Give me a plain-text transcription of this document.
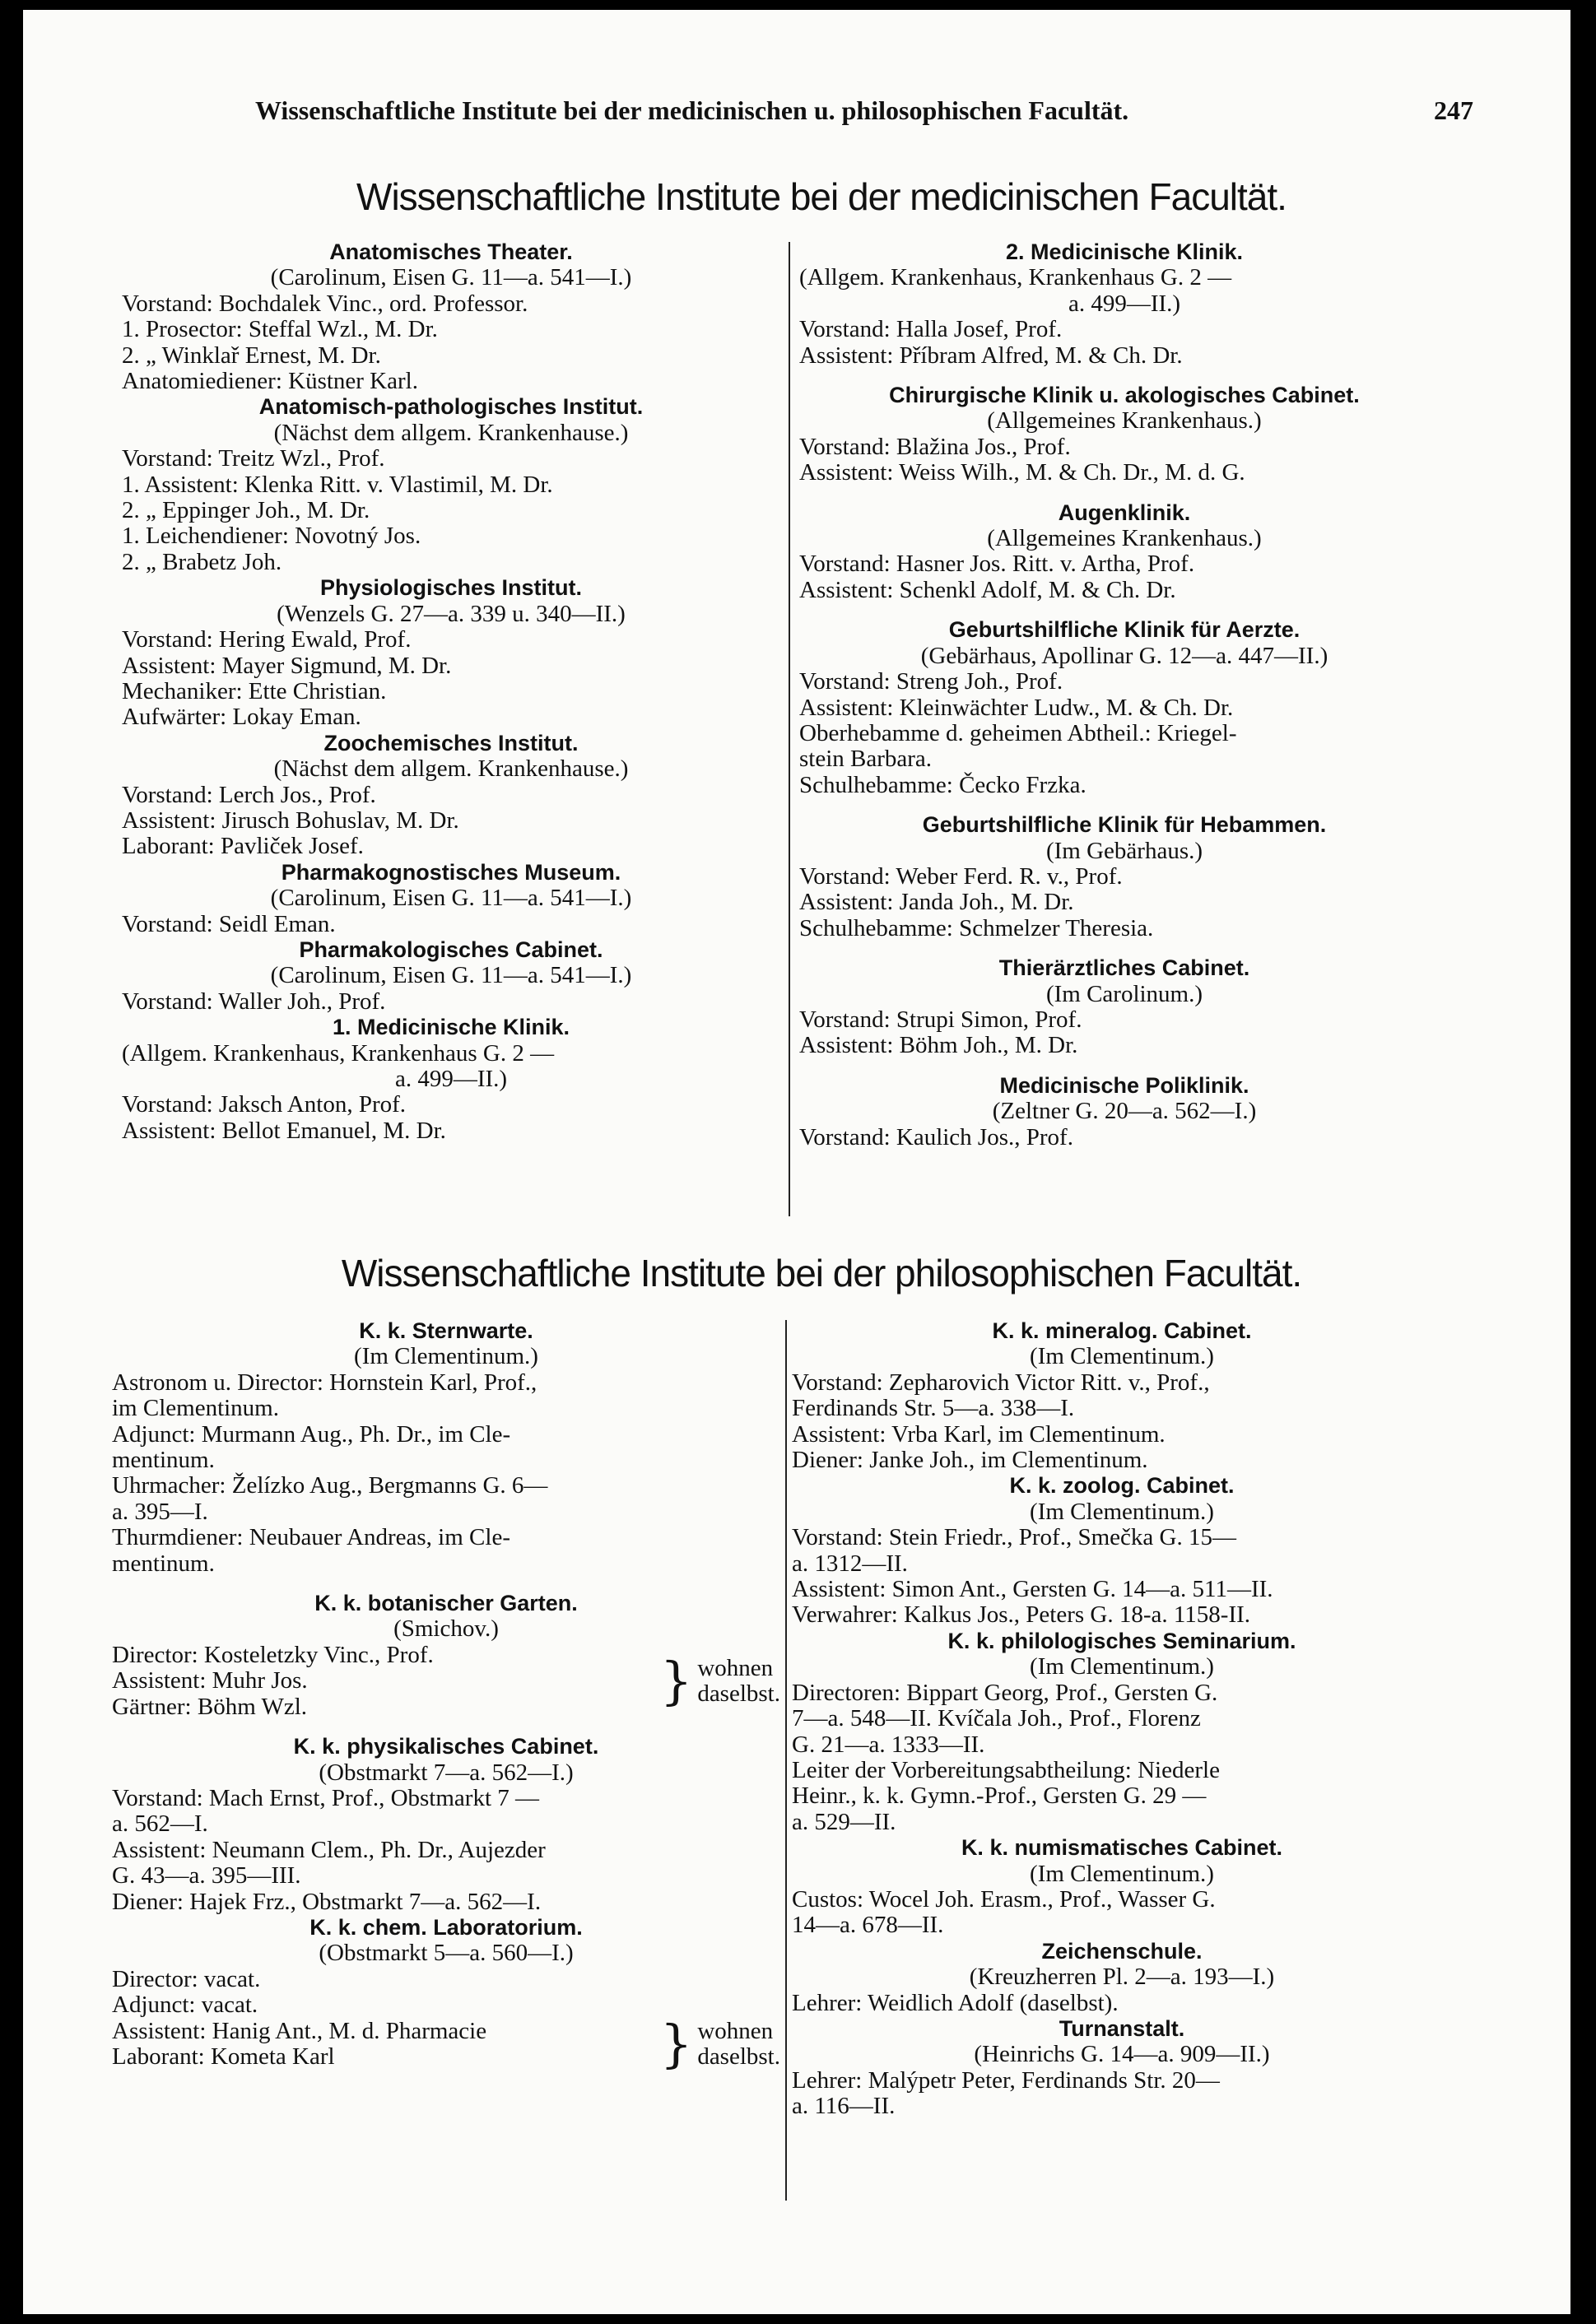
Wissenschaftliche Institute bei der medicinischen u. philosophischen Facultät.	247
Wissenschaftliche Institute bei der medicinischen Facultät.
Anatomisches Theater.
(Carolinum, Eisen G. 11—a. 541—I.)
Vorstand: Bochdalek Vinc., ord. Professor.
1. Prosector: Steffal Wzl., M. Dr.
2. „ Winklař Ernest, M. Dr.
Anatomiediener: Küstner Karl.
Anatomisch-pathologisches Institut.
(Nächst dem allgem. Krankenhause.)
Vorstand: Treitz Wzl., Prof.
1. Assistent: Klenka Ritt. v. Vlastimil, M. Dr.
2. „ Eppinger Joh., M. Dr.
1. Leichendiener: Novotný Jos.
2. „ Brabetz Joh.
Physiologisches Institut.
(Wenzels G. 27—a. 339 u. 340—II.)
Vorstand: Hering Ewald, Prof.
Assistent: Mayer Sigmund, M. Dr.
Mechaniker: Ette Christian.
Aufwärter: Lokay Eman.
Zoochemisches Institut.
(Nächst dem allgem. Krankenhause.)
Vorstand: Lerch Jos., Prof.
Assistent: Jirusch Bohuslav, M. Dr.
Laborant: Pavliček Josef.
Pharmakognostisches Museum.
(Carolinum, Eisen G. 11—a. 541—I.)
Vorstand: Seidl Eman.
Pharmakologisches Cabinet.
(Carolinum, Eisen G. 11—a. 541—I.)
Vorstand: Waller Joh., Prof.
1. Medicinische Klinik.
(Allgem. Krankenhaus, Krankenhaus G. 2 —
a. 499—II.)
Vorstand: Jaksch Anton, Prof.
Assistent: Bellot Emanuel, M. Dr.
2. Medicinische Klinik.
(Allgem. Krankenhaus, Krankenhaus G. 2 —
a. 499—II.)
Vorstand: Halla Josef, Prof.
Assistent: Příbram Alfred, M. & Ch. Dr.
Chirurgische Klinik u. akologisches Cabinet.
(Allgemeines Krankenhaus.)
Vorstand: Blažina Jos., Prof.
Assistent: Weiss Wilh., M. & Ch. Dr., M. d. G.
Augenklinik.
(Allgemeines Krankenhaus.)
Vorstand: Hasner Jos. Ritt. v. Artha, Prof.
Assistent: Schenkl Adolf, M. & Ch. Dr.
Geburtshilfliche Klinik für Aerzte.
(Gebärhaus, Apollinar G. 12—a. 447—II.)
Vorstand: Streng Joh., Prof.
Assistent: Kleinwächter Ludw., M. & Ch. Dr.
Oberhebamme d. geheimen Abtheil.: Kriegel-
stein Barbara.
Schulhebamme: Čecko Frzka.
Geburtshilfliche Klinik für Hebammen.
(Im Gebärhaus.)
Vorstand: Weber Ferd. R. v., Prof.
Assistent: Janda Joh., M. Dr.
Schulhebamme: Schmelzer Theresia.
Thierärztliches Cabinet.
(Im Carolinum.)
Vorstand: Strupi Simon, Prof.
Assistent: Böhm Joh., M. Dr.
Medicinische Poliklinik.
(Zeltner G. 20—a. 562—I.)
Vorstand: Kaulich Jos., Prof.
Wissenschaftliche Institute bei der philosophischen Facultät.
K. k. Sternwarte.
(Im Clementinum.)
Astronom u. Director: Hornstein Karl, Prof.,
im Clementinum.
Adjunct: Murmann Aug., Ph. Dr., im Cle-
mentinum.
Uhrmacher: Želízko Aug., Bergmanns G. 6—
a. 395—I.
Thurmdiener: Neubauer Andreas, im Cle-
mentinum.
K. k. botanischer Garten.
(Smichov.)
Director: Kosteletzky Vinc., Prof.
Assistent: Muhr Jos.
Gärtner: Böhm Wzl.	} wohnen
daselbst.
K. k. physikalisches Cabinet.
(Obstmarkt 7—a. 562—I.)
Vorstand: Mach Ernst, Prof., Obstmarkt 7 —
a. 562—I.
Assistent: Neumann Clem., Ph. Dr., Aujezder
G. 43—a. 395—III.
Diener: Hajek Frz., Obstmarkt 7—a. 562—I.
K. k. chem. Laboratorium.
(Obstmarkt 5—a. 560—I.)
Director: vacat.
Adjunct: vacat.
Assistent: Hanig Ant., M. d. Pharmacie
Laborant: Kometa Karl	} wohnen
daselbst.
K. k. mineralog. Cabinet.
(Im Clementinum.)
Vorstand: Zepharovich Victor Ritt. v., Prof.,
Ferdinands Str. 5—a. 338—I.
Assistent: Vrba Karl, im Clementinum.
Diener: Janke Joh., im Clementinum.
K. k. zoolog. Cabinet.
(Im Clementinum.)
Vorstand: Stein Friedr., Prof., Smečka G. 15—
a. 1312—II.
Assistent: Simon Ant., Gersten G. 14—a. 511—II.
Verwahrer: Kalkus Jos., Peters G. 18-a. 1158-II.
K. k. philologisches Seminarium.
(Im Clementinum.)
Directoren: Bippart Georg, Prof., Gersten G.
7—a. 548—II. Kvíčala Joh., Prof., Florenz
G. 21—a. 1333—II.
Leiter der Vorbereitungsabtheilung: Niederle
Heinr., k. k. Gymn.-Prof., Gersten G. 29 —
a. 529—II.
K. k. numismatisches Cabinet.
(Im Clementinum.)
Custos: Wocel Joh. Erasm., Prof., Wasser G.
14—a. 678—II.
Zeichenschule.
(Kreuzherren Pl. 2—a. 193—I.)
Lehrer: Weidlich Adolf (daselbst).
Turnanstalt.
(Heinrichs G. 14—a. 909—II.)
Lehrer: Malýpetr Peter, Ferdinands Str. 20—
a. 116—II.
